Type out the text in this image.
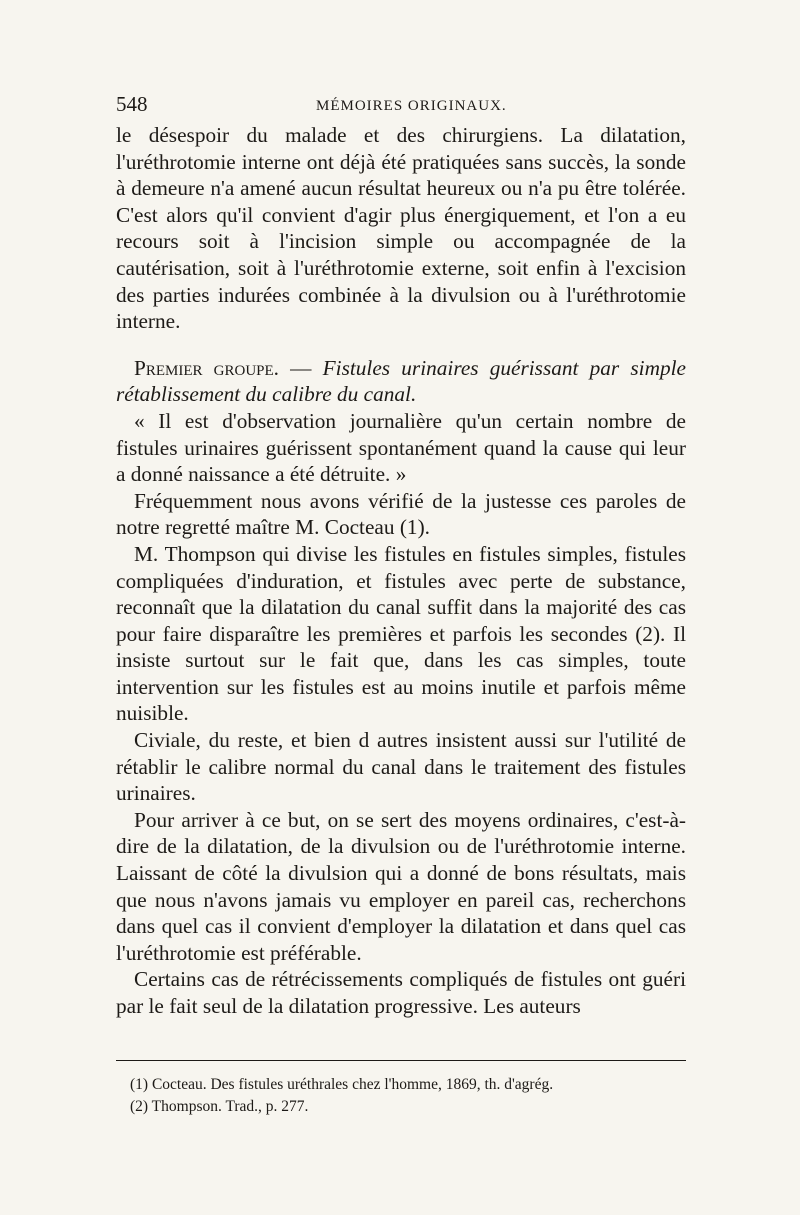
548	MÉMOIRES ORIGINAUX.

le désespoir du malade et des chirurgiens. La dilatation, l'uréthrotomie interne ont déjà été pratiquées sans succès, la sonde à demeure n'a amené aucun résultat heureux ou n'a pu être tolérée. C'est alors qu'il convient d'agir plus énergiquement, et l'on a eu recours soit à l'incision simple ou accompagnée de la cautérisation, soit à l'uréthrotomie externe, soit enfin à l'excision des parties indurées combinée à la divulsion ou à l'uréthrotomie interne.

Premier groupe. — Fistules urinaires guérissant par simple rétablissement du calibre du canal.

« Il est d'observation journalière qu'un certain nombre de fistules urinaires guérissent spontanément quand la cause qui leur a donné naissance a été détruite. »

Fréquemment nous avons vérifié de la justesse ces paroles de notre regretté maître M. Cocteau (1).

M. Thompson qui divise les fistules en fistules simples, fistules compliquées d'induration, et fistules avec perte de substance, reconnaît que la dilatation du canal suffit dans la majorité des cas pour faire disparaître les premières et parfois les secondes (2). Il insiste surtout sur le fait que, dans les cas simples, toute intervention sur les fistules est au moins inutile et parfois même nuisible.

Civiale, du reste, et bien d autres insistent aussi sur l'utilité de rétablir le calibre normal du canal dans le traitement des fistules urinaires.

Pour arriver à ce but, on se sert des moyens ordinaires, c'est-à-dire de la dilatation, de la divulsion ou de l'uréthrotomie interne. Laissant de côté la divulsion qui a donné de bons résultats, mais que nous n'avons jamais vu employer en pareil cas, recherchons dans quel cas il convient d'employer la dilatation et dans quel cas l'uréthrotomie est préférable.

Certains cas de rétrécissements compliqués de fistules ont guéri par le fait seul de la dilatation progressive. Les auteurs

(1) Cocteau. Des fistules uréthrales chez l'homme, 1869, th. d'agrég.
(2) Thompson. Trad., p. 277.
